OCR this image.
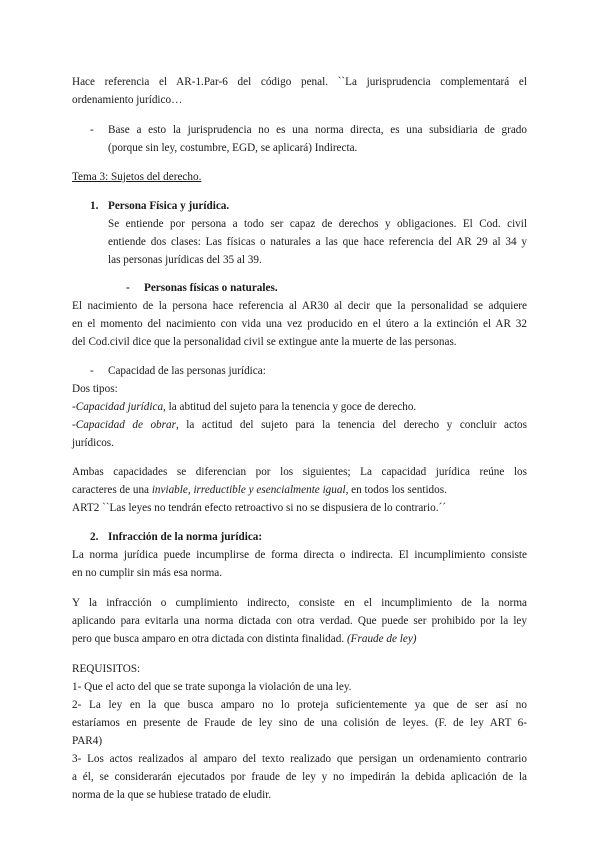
Hace referencia el AR-1.Par-6 del código penal. ``La jurisprudencia complementará el
ordenamiento jurídico…
- Base a esto la jurisprudencia no es una norma directa, es una subsidiaria de grado
(porque sin ley, costumbre, EGD, se aplicará) Indirecta.
Tema 3: Sujetos del derecho.
1. Persona Física y jurídica.
Se entiende por persona a todo ser capaz de derechos y obligaciones. El Cod. civil
entiende dos clases: Las físicas o naturales a las que hace referencia del AR 29 al 34 y
las personas jurídicas del 35 al 39.
- Personas físicas o naturales.
El nacimiento de la persona hace referencia al AR30 al decir que la personalidad se adquiere
en el momento del nacimiento con vida una vez producido en el útero a la extinción el AR 32
del Cod.civil dice que la personalidad civil se extingue ante la muerte de las personas.
- Capacidad de las personas jurídica:
Dos tipos:
-Capacidad jurídica, la abtitud del sujeto para la tenencia y goce de derecho.
-Capacidad de obrar, la actitud del sujeto para la tenencia del derecho y concluir actos
jurídicos.
Ambas capacidades se diferencian por los siguientes; La capacidad jurídica reúne los
caracteres de una inviable, irreductible y esencialmente igual, en todos los sentidos.
ART2 ``Las leyes no tendrán efecto retroactivo si no se dispusiera de lo contrario.´´
2. Infracción de la norma jurídica:
La norma jurídica puede incumplirse de forma directa o indirecta. El incumplimiento consiste
en no cumplir sin más esa norma.
Y la infracción o cumplimiento indirecto, consiste en el incumplimiento de la norma
aplicando para evitarla una norma dictada con otra verdad. Que puede ser prohibido por la ley
pero que busca amparo en otra dictada con distinta finalidad. (Fraude de ley)
REQUISITOS:
1- Que el acto del que se trate suponga la violación de una ley.
2- La ley en la que busca amparo no lo proteja suficientemente ya que de ser así no
estaríamos en presente de Fraude de ley sino de una colisión de leyes. (F. de ley ART 6-
PAR4)
3- Los actos realizados al amparo del texto realizado que persigan un ordenamiento contrario
a él, se considerarán ejecutados por fraude de ley y no impedirán la debida aplicación de la
norma de la que se hubiese tratado de eludir.
